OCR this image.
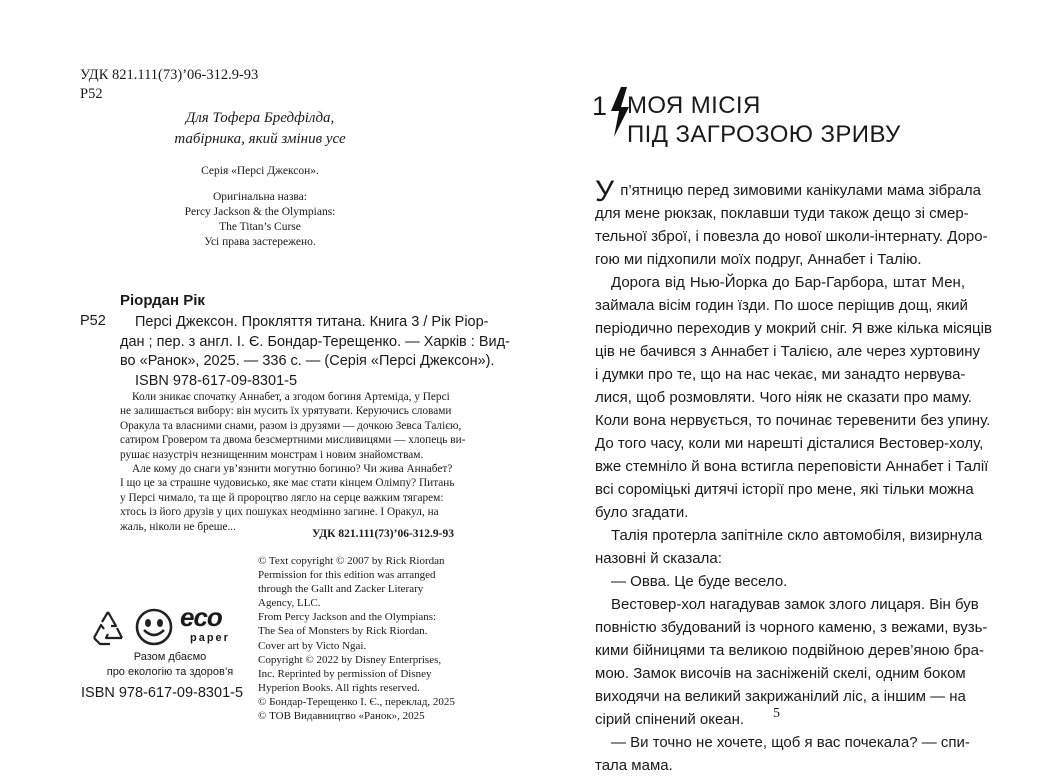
УДК 821.111(73)’06-312.9-93
Р52
Для Тофера Бредфілда,
табірника, який змінив усе
Серія «Персі Джексон».
Оригінальна назва:
Percy Jackson & the Olympians:
The Titan’s Curse
Усі права застережено.
Ріордан Рік
Р52	Персі Джексон. Прокляття титана. Книга 3 / Рік Ріор-
дан ; пер. з англ. І. Є. Бондар-Терещенко. — Харків : Вид-
во «Ранок», 2025. — 336 с. — (Серія «Персі Джексон»).
ISBN 978-617-09-8301-5
Коли зникає спочатку Аннабет, а згодом богиня Артеміда, у Персі
не залишається вибору: він мусить їх урятувати. Керуючись словами
Оракула та власними снами, разом із друзями — дочкою Зевса Талією,
сатиром Гровером та двома безсмертними мисливицями — хлопець ви-
рушає назустріч незнищенним монстрам і новим знайомствам.
Але кому до снаги ув’язнити могутню богиню? Чи жива Аннабет?
І що це за страшне чудовисько, яке має стати кінцем Олімпу? Питань
у Персі чимало, та ще й пророцтво лягло на серце важким тягарем:
хтось із його друзів у цих пошуках неодмінно загине. І Оракул, на
жаль, ніколи не бреше...
УДК 821.111(73)’06-312.9-93
© Text copyright © 2007 by Rick Riordan
Permission for this edition was arranged
through the Gallt and Zacker Literary
Agency, LLC.
From Percy Jackson and the Olympians:
The Sea of Monsters by Rick Riordan.
Cover art by Victo Ngai.
Copyright © 2022 by Disney Enterprises,
Inc. Reprinted by permission of Disney
Hyperion Books. All rights reserved.
© Бондар-Терещенко І. Є., переклад, 2025
© ТОВ Видавництво «Ранок», 2025
eco
paper
Разом дбаємо
про екологію та здоров’я
ISBN 978-617-09-8301-5
1 МОЯ МІСІЯ
ПІД ЗАГРОЗОЮ ЗРИВУ
У п’ятницю перед зимовими канікулами мама зібрала
для мене рюкзак, поклавши туди також дещо зі смер-
тельної зброї, і повезла до нової школи-інтернату. Доро-
гою ми підхопили моїх подруг, Аннабет і Талію.
Дорога від Нью-Йорка до Бар-Гарбора, штат Мен,
займала вісім годин їзди. По шосе періщив дощ, який
періодично переходив у мокрий сніг. Я вже кілька місяців
ців не бачився з Аннабет і Талією, але через хуртовину
і думки про те, що на нас чекає, ми занадто нервува-
лися, щоб розмовляти. Чого ніяк не сказати про маму.
Коли вона нервується, то починає теревенити без упину.
До того часу, коли ми нарешті дісталися Вестовер-холу,
вже стемніло й вона встигла переповісти Аннабет і Талії
всі сороміцькі дитячі історії про мене, які тільки можна
було згадати.
Талія протерла запітніле скло автомобіля, визирнула
назовні й сказала:
— Овва. Це буде весело.
Вестовер-хол нагадував замок злого лицаря. Він був
повністю збудований із чорного каменю, з вежами, вузь-
кими бійницями та великою подвійною дерев’яною бра-
мою. Замок височів на засніженій скелі, одним боком
виходячи на великий закрижанілий ліс, а іншим — на
сірий спінений океан.
— Ви точно не хочете, щоб я вас почекала? — спи-
тала мама.
5
